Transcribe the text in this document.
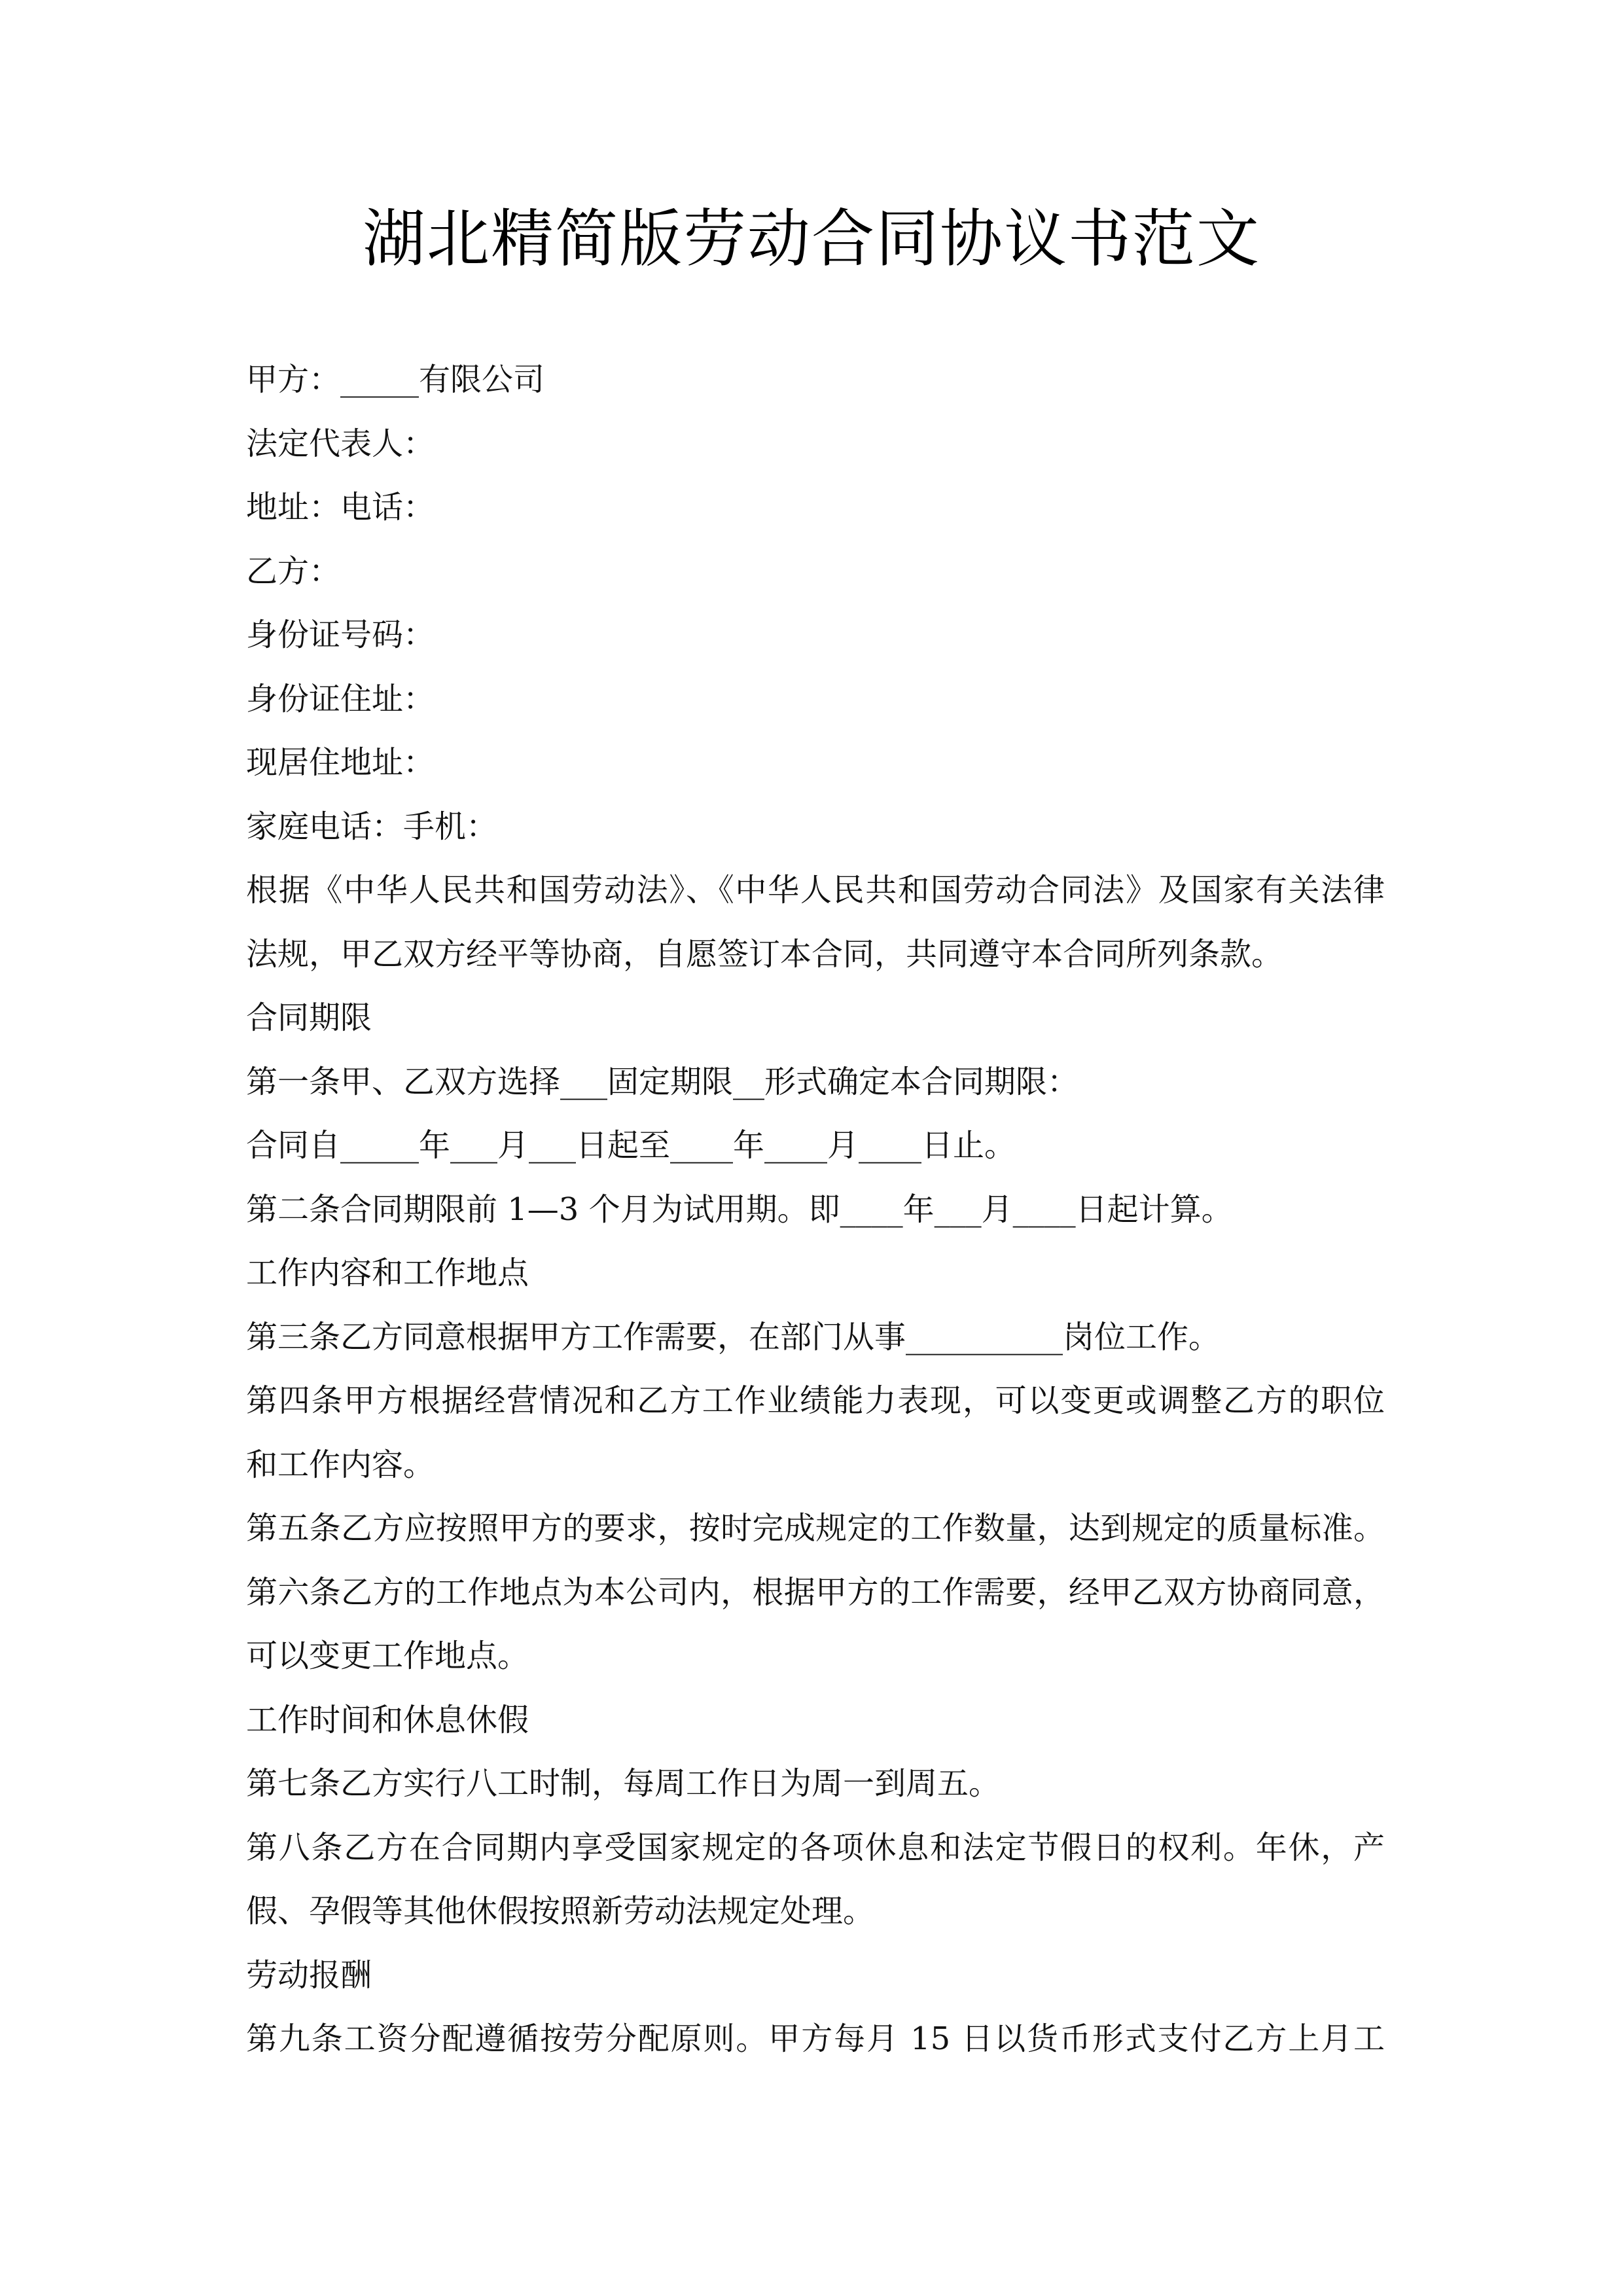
湖北精简版劳动合同协议书范文
甲方：_____有限公司
法定代表人：
地址：电话：
乙方：
身份证号码：
身份证住址：
现居住地址：
家庭电话：手机：
根据《中华人民共和国劳动法》、《中华人民共和国劳动合同法》及国家有关法律
法规，甲乙双方经平等协商，自愿签订本合同，共同遵守本合同所列条款。
合同期限
第一条甲、乙双方选择___固定期限__形式确定本合同期限：
合同自_____年___月___日起至____年____月____日止。
第二条合同期限前 1—3 个月为试用期。即____年___月____日起计算。
工作内容和工作地点
第三条乙方同意根据甲方工作需要，在部门从事__________岗位工作。
第四条甲方根据经营情况和乙方工作业绩能力表现，可以变更或调整乙方的职位
和工作内容。
第五条乙方应按照甲方的要求，按时完成规定的工作数量，达到规定的质量标准。
第六条乙方的工作地点为本公司内，根据甲方的工作需要，经甲乙双方协商同意，
可以变更工作地点。
工作时间和休息休假
第七条乙方实行八工时制，每周工作日为周一到周五。
第八条乙方在合同期内享受国家规定的各项休息和法定节假日的权利。年休，产
假、孕假等其他休假按照新劳动法规定处理。
劳动报酬
第九条工资分配遵循按劳分配原则。甲方每月 15 日以货币形式支付乙方上月工
